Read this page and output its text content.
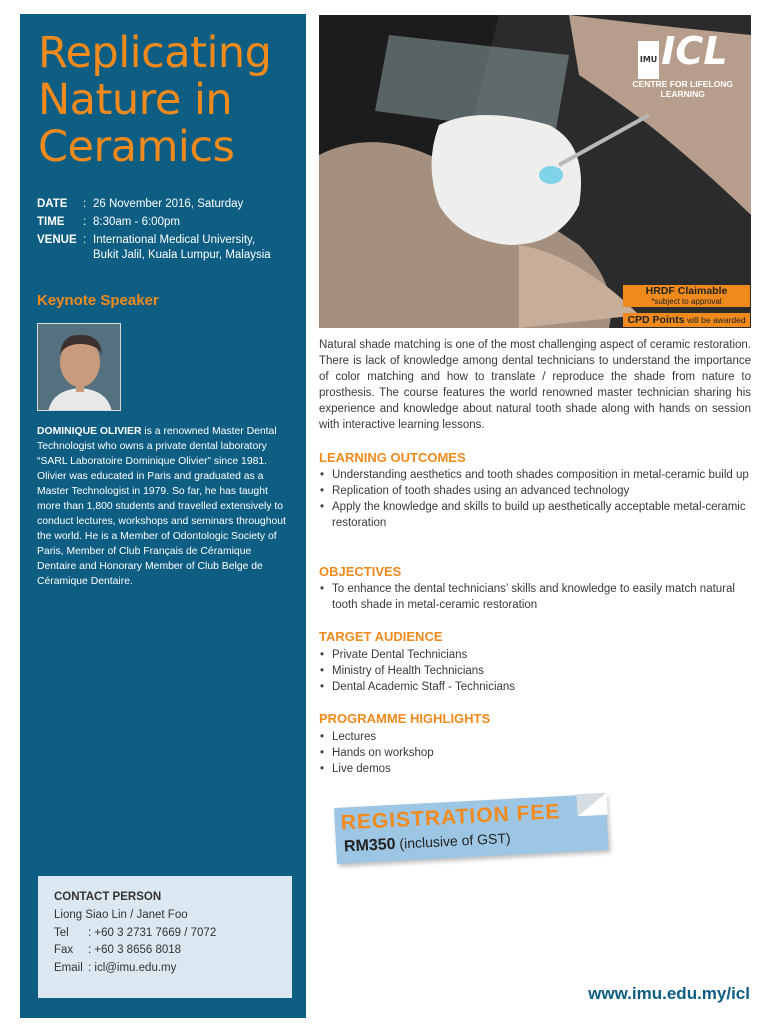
Replicating
Nature in
Ceramics
DATE : 26 November 2016, Saturday
TIME : 8:30am - 6:00pm
VENUE : International Medical University,
Bukit Jalil, Kuala Lumpur, Malaysia
Keynote Speaker
DOMINIQUE OLIVIER is a renowned Master Dental Technologist who owns a private dental laboratory “SARL Laboratoire Dominique Olivier” since 1981. Olivier was educated in Paris and graduated as a Master Technologist in 1979. So far, he has taught more than 1,800 students and travelled extensively to conduct lectures, workshops and seminars throughout the world. He is a Member of Odontologic Society of Paris, Member of Club Français de Céramique Dentaire and Honorary Member of Club Belge de Céramique Dentaire.
CONTACT PERSON
Liong Siao Lin / Janet Foo
Tel : +60 3 2731 7669 / 7072
Fax : +60 3 8656 8018
Email : icl@imu.edu.my
IMU ICL
CENTRE FOR LIFELONG
LEARNING
HRDF Claimable
*subject to approval
CPD Points will be awarded

Natural shade matching is one of the most challenging aspect of ceramic restoration. There is lack of knowledge among dental technicians to understand the importance of color matching and how to translate / reproduce the shade from nature to prosthesis. The course features the world renowned master technician sharing his experience and knowledge about natural tooth shade along with hands on session with interactive learning lessons.

LEARNING OUTCOMES
• Understanding aesthetics and tooth shades composition in metal-ceramic build up
• Replication of tooth shades using an advanced technology
• Apply the knowledge and skills to build up aesthetically acceptable metal-ceramic restoration
OBJECTIVES
• To enhance the dental technicians’ skills and knowledge to easily match natural tooth shade in metal-ceramic restoration
TARGET AUDIENCE
• Private Dental Technicians
• Ministry of Health Technicians
• Dental Academic Staff - Technicians
PROGRAMME HIGHLIGHTS
• Lectures
• Hands on workshop
• Live demos
REGISTRATION FEE
RM350 (inclusive of GST)
www.imu.edu.my/icl
